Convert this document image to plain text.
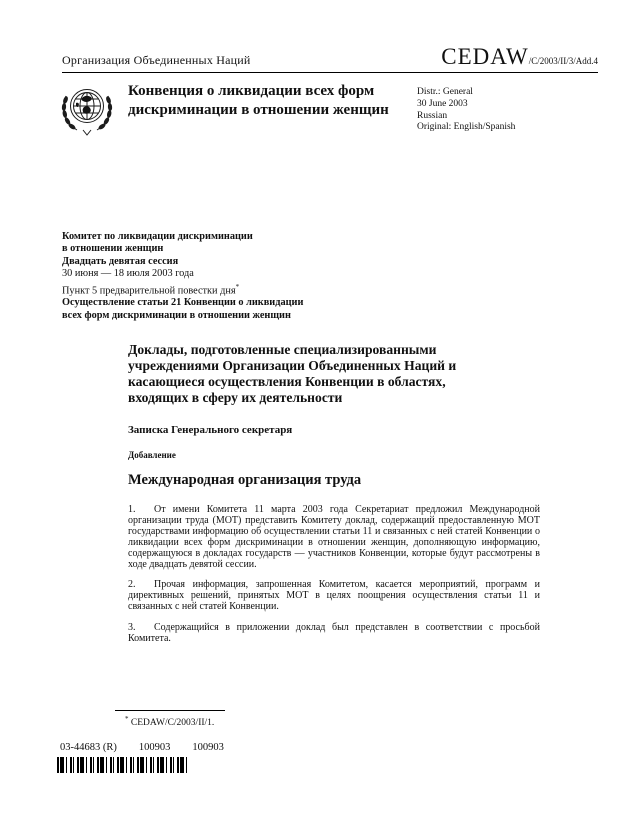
Организация Объединенных Наций	CEDAW/C/2003/II/3/Add.4
Конвенция о ликвидации всех форм дискриминации в отношении женщин
Distr.: General
30 June 2003
Russian
Original: English/Spanish
Комитет по ликвидации дискриминации
в отношении женщин
Двадцать девятая сессия
30 июня — 18 июля 2003 года
Пункт 5 предварительной повестки дня*
Осуществление статьи 21 Конвенции о ликвидации
всех форм дискриминации в отношении женщин
Доклады, подготовленные специализированными учреждениями Организации Объединенных Наций и касающиеся осуществления Конвенции в областях, входящих в сферу их деятельности
Записка Генерального секретаря
Добавление
Международная организация труда

1. От имени Комитета 11 марта 2003 года Секретариат предложил Международной организации труда (МОТ) представить Комитету доклад, содержащий предоставленную МОТ государствами информацию об осуществлении статьи 11 и связанных с ней статей Конвенции о ликвидации всех форм дискриминации в отношении женщин, дополняющую информацию, содержащуюся в докладах государств — участников Конвенции, которые будут рассмотрены в ходе двадцать девятой сессии.

2. Прочая информация, запрошенная Комитетом, касается мероприятий, программ и директивных решений, принятых МОТ в целях поощрения осуществления статьи 11 и связанных с ней статей Конвенции.

3. Содержащийся в приложении доклад был представлен в соответствии с просьбой Комитета.

* CEDAW/C/2003/II/1.
03-44683 (R) 100903 100903
